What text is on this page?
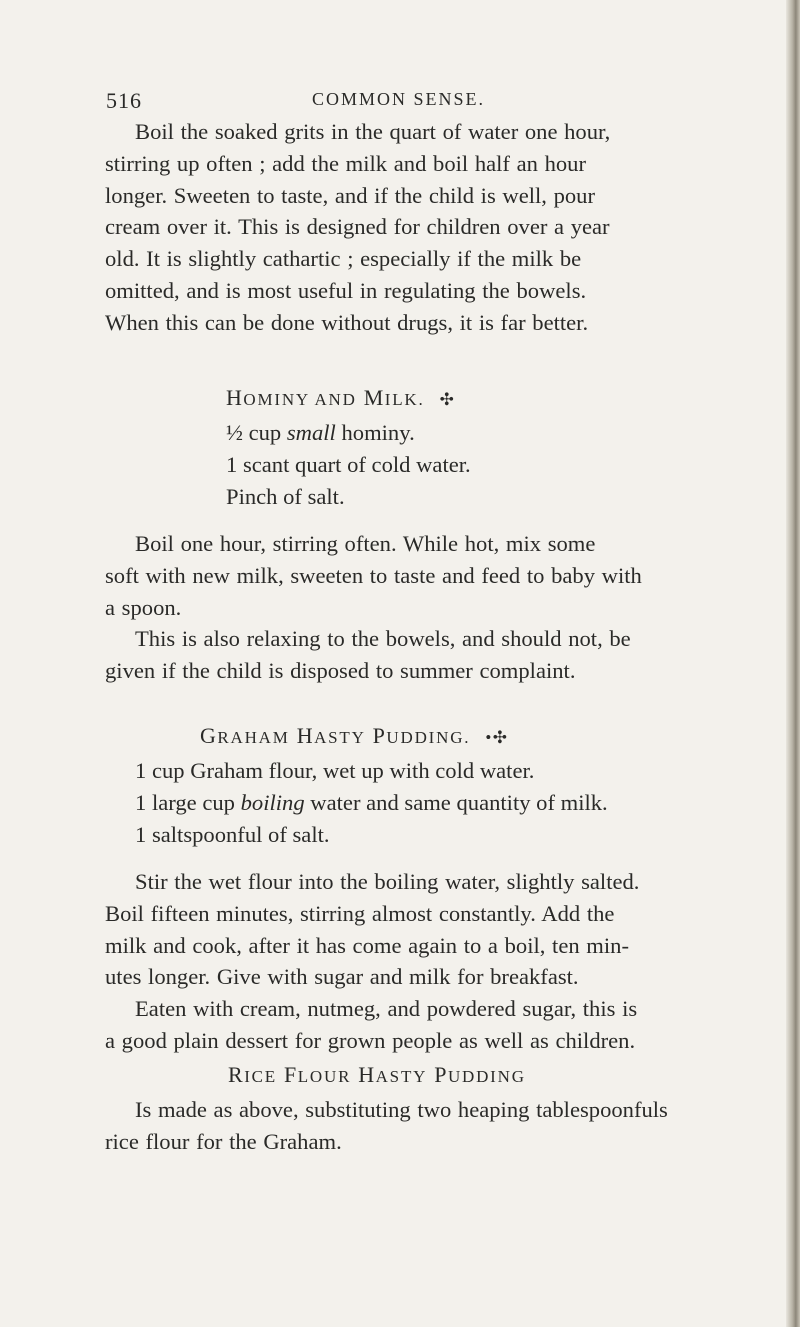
516	COMMON SENSE.
Boil the soaked grits in the quart of water one hour,
stirring up often ; add the milk and boil half an hour
longer. Sweeten to taste, and if the child is well, pour
cream over it. This is designed for children over a year
old. It is slightly cathartic ; especially if the milk be
omitted, and is most useful in regulating the bowels.
When this can be done without drugs, it is far better.
HOMINY AND MILK. ✣
½ cup small hominy.
1 scant quart of cold water.
Pinch of salt.
Boil one hour, stirring often. While hot, mix some
soft with new milk, sweeten to taste and feed to baby with
a spoon.
This is also relaxing to the bowels, and should not, be
given if the child is disposed to summer complaint.
GRAHAM HASTY PUDDING. •✣
1 cup Graham flour, wet up with cold water.
1 large cup boiling water and same quantity of milk.
1 saltspoonful of salt.
Stir the wet flour into the boiling water, slightly salted.
Boil fifteen minutes, stirring almost constantly. Add the
milk and cook, after it has come again to a boil, ten min-
utes longer. Give with sugar and milk for breakfast.
Eaten with cream, nutmeg, and powdered sugar, this is
a good plain dessert for grown people as well as children.
RICE FLOUR HASTY PUDDING
Is made as above, substituting two heaping tablespoonfuls
rice flour for the Graham.
